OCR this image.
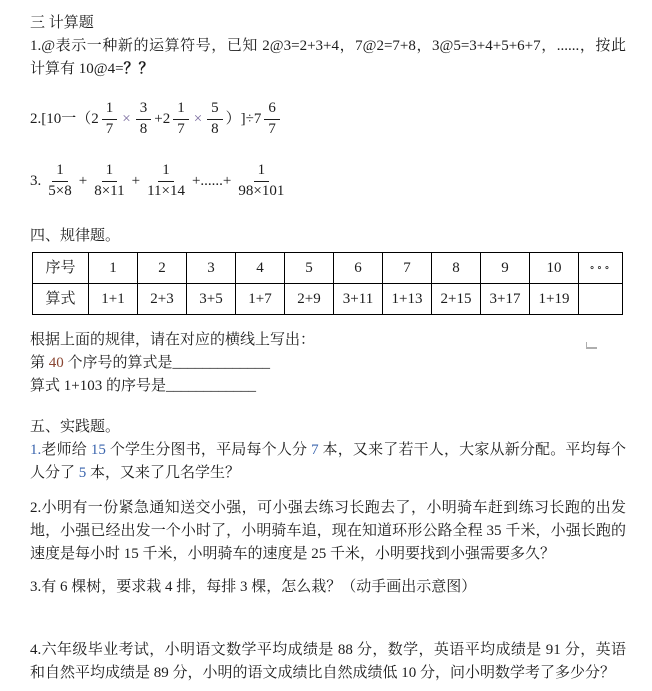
三 计算题

1.@表示一种新的运算符号，已知 2@3=2+3+4，7@2=7+8，3@5=3+4+5+6+7，......，按此计算有 10@4=？？

2. [10一（ $2 \frac{1}{7} \times \frac{3}{8} + 2 \frac{1}{7} \times \frac{5}{8}$ ） ]÷ $7 \frac{6}{7}$
3. $\frac{1}{5\times 8} + \frac{1}{8\times 11} + \frac{1}{11\times 14}$ +......+ $\frac{1}{98\times 101}$
四、规律题。
序号	1	2	3	4	5	6	7	8	9	10	∘∘∘
算式	1+1	2+3	3+5	1+7	2+9	3+11	1+13	2+15	3+17	1+19	

根据上面的规律，请在对应的横线上写出：

第 40 个序号的算式是_____________

算式 1+103 的序号是____________

五、实践题。

1.老师给 15 个学生分图书，平局每个人分 7 本，又来了若干人，大家从新分配。平均每个人分了 5 本，又来了几名学生？

2.小明有一份紧急通知送交小强，可小强去练习长跑去了，小明骑车赶到练习长跑的出发地，小强已经出发一个小时了，小明骑车追，现在知道环形公路全程 35 千米，小强长跑的速度是每小时 15 千米，小明骑车的速度是 25 千米，小明要找到小强需要多久？

3.有 6 棵树，要求栽 4 排，每排 3 棵，怎么栽？（动手画出示意图）

4.六年级毕业考试，小明语文数学平均成绩是 88 分，数学，英语平均成绩是 91 分，英语和自然平均成绩是 89 分，小明的语文成绩比自然成绩低 10 分，问小明数学考了多少分？
